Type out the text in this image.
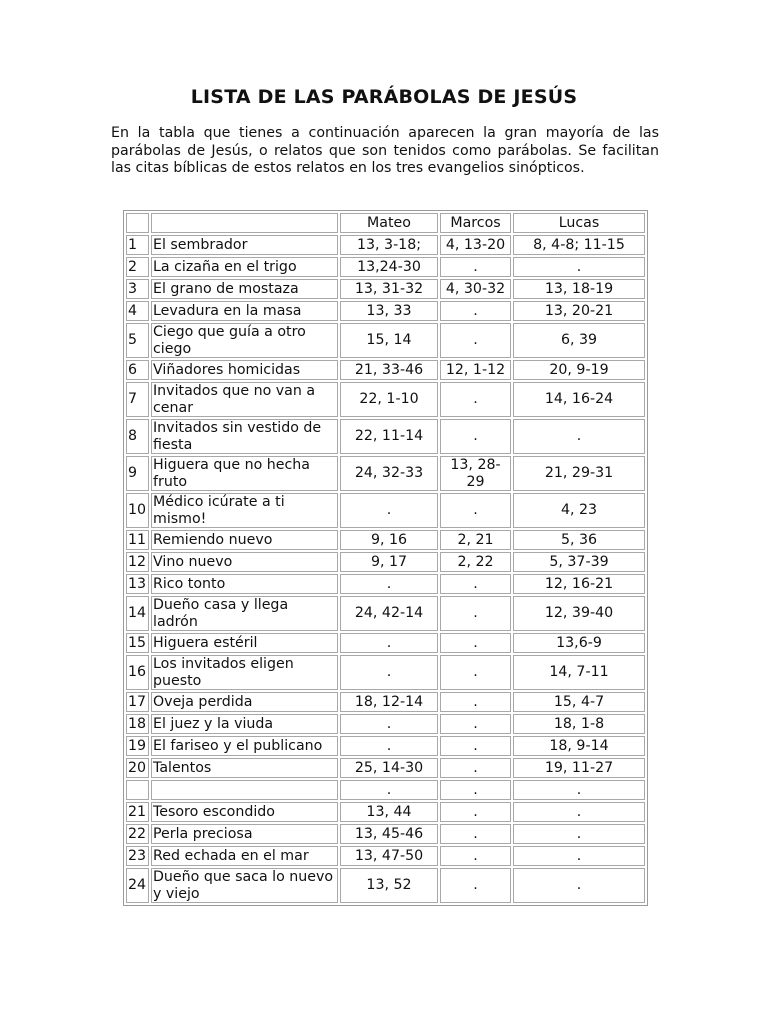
LISTA DE LAS PARÁBOLAS DE JESÚS
En la tabla que tienes a continuación aparecen la gran mayoría de las parábolas de Jesús, o relatos que son tenidos como parábolas. Se facilitan las citas bíblicas de estos relatos en los tres evangelios sinópticos.
		Mateo	Marcos	Lucas
1	El sembrador	13, 3-18;	4, 13-20	8, 4-8; 11-15
2	La cizaña en el trigo	13,24-30	.	.
3	El grano de mostaza	13, 31-32	4, 30-32	13, 18-19
4	Levadura en la masa	13, 33	.	13, 20-21
5	Ciego que guía a otro ciego	15, 14	.	6, 39
6	Viñadores homicidas	21, 33-46	12, 1-12	20, 9-19
7	Invitados que no van a cenar	22, 1-10	.	14, 16-24
8	Invitados sin vestido de fiesta	22, 11-14	.	.
9	Higuera que no hecha fruto	24, 32-33	13, 28-29	21, 29-31
10	Médico icúrate a ti mismo!	.	.	4, 23
11	Remiendo nuevo	9, 16	2, 21	5, 36
12	Vino nuevo	9, 17	2, 22	5, 37-39
13	Rico tonto	.	.	12, 16-21
14	Dueño casa y llega ladrón	24, 42-14	.	12, 39-40
15	Higuera estéril	.	.	13,6-9
16	Los invitados eligen puesto	.	.	14, 7-11
17	Oveja perdida	18, 12-14	.	15, 4-7
18	El juez y la viuda	.	.	18, 1-8
19	El fariseo y el publicano	.	.	18, 9-14
20	Talentos	25, 14-30	.	19, 11-27
		.	.	.
21	Tesoro escondido	13, 44	.	.
22	Perla preciosa	13, 45-46	.	.
23	Red echada en el mar	13, 47-50	.	.
24	Dueño que saca lo nuevo y viejo	13, 52	.	.
